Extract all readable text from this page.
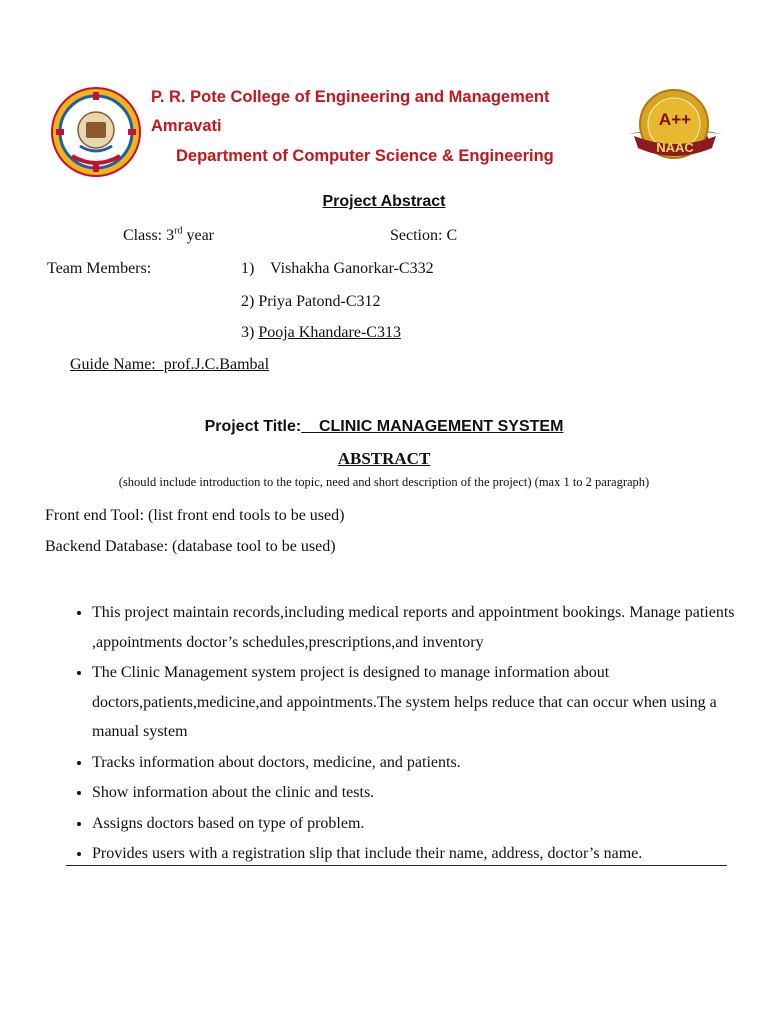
P. R. Pote College of Engineering and Management
Amravati
Department of Computer Science & Engineering
A++
NAAC
Project Abstract
Class: 3rd year	Section: C
Team Members:	1)    Vishakha Ganorkar-C332
2) Priya Patond-C312
3) Pooja Khandare-C313
Guide Name:  prof.J.C.Bambal
Project Title:    CLINIC MANAGEMENT SYSTEM
ABSTRACT
(should include introduction to the topic, need and short description of the project) (max 1 to 2 paragraph)
Front end Tool: (list front end tools to be used)
Backend Database: (database tool to be used)
• This project maintain records,including medical reports and appointment bookings. Manage patients ,appointments doctor’s schedules,prescriptions,and inventory
• The Clinic Management system project is designed to manage information about doctors,patients,medicine,and appointments.The system helps reduce that can occur when using a manual system
• Tracks information about doctors, medicine, and patients.
• Show information about the clinic and tests.
• Assigns doctors based on type of problem.
• Provides users with a registration slip that include their name, address, doctor’s name.
